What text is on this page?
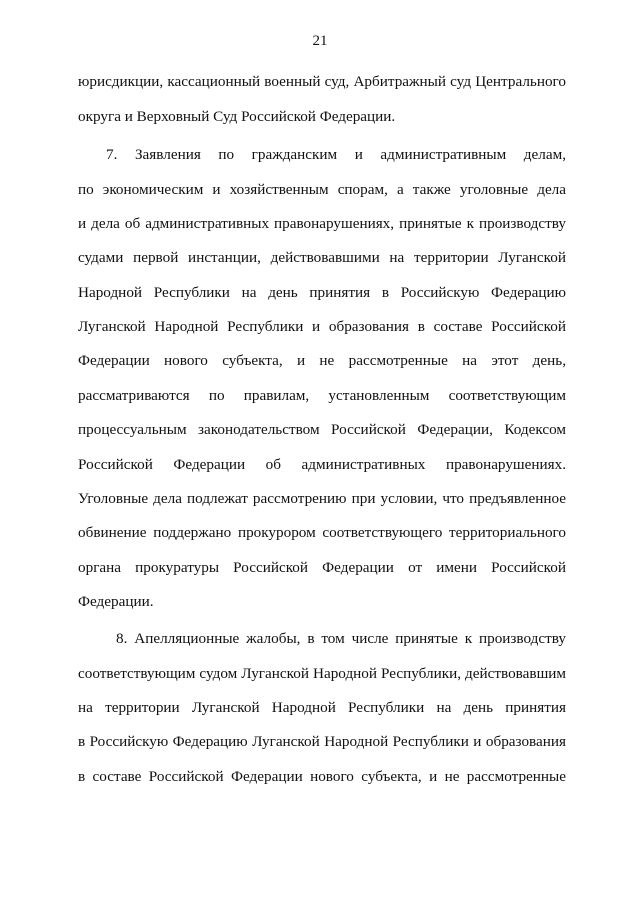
21
юрисдикции, кассационный военный суд, Арбитражный суд Центрального
округа и Верховный Суд Российской Федерации.
7. Заявления по гражданским и административным делам,
по экономическим и хозяйственным спорам, а также уголовные дела
и дела об административных правонарушениях, принятые к производству
судами первой инстанции, действовавшими на территории Луганской
Народной Республики на день принятия в Российскую Федерацию
Луганской Народной Республики и образования в составе Российской
Федерации нового субъекта, и не рассмотренные на этот день,
рассматриваются по правилам, установленным соответствующим
процессуальным законодательством Российской Федерации, Кодексом
Российской Федерации об административных правонарушениях.
Уголовные дела подлежат рассмотрению при условии, что предъявленное
обвинение поддержано прокурором соответствующего территориального
органа прокуратуры Российской Федерации от имени Российской
Федерации.
8. Апелляционные жалобы, в том числе принятые к производству
соответствующим судом Луганской Народной Республики, действовавшим
на территории Луганской Народной Республики на день принятия
в Российскую Федерацию Луганской Народной Республики и образования
в составе Российской Федерации нового субъекта, и не рассмотренные
